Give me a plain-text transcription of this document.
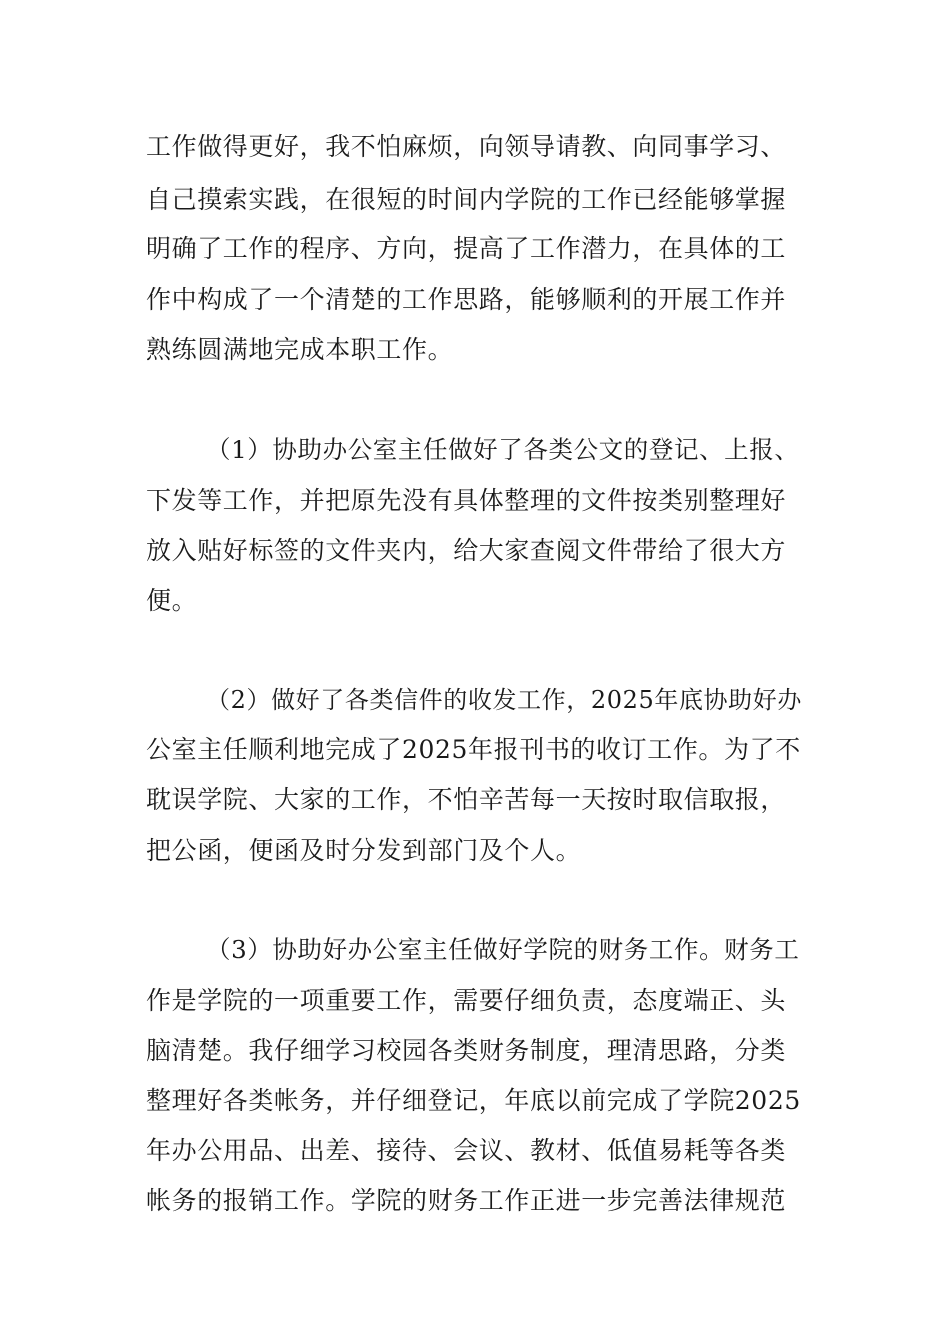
工作做得更好，我不怕麻烦，向领导请教、向同事学习、
自己摸索实践，在很短的时间内学院的工作已经能够掌握
明确了工作的程序、方向，提高了工作潜力，在具体的工
作中构成了一个清楚的工作思路，能够顺利的开展工作并
熟练圆满地完成本职工作。
（1）协助办公室主任做好了各类公文的登记、上报、
下发等工作，并把原先没有具体整理的文件按类别整理好
放入贴好标签的文件夹内，给大家查阅文件带给了很大方
便。
（2）做好了各类信件的收发工作，2025年底协助好办
公室主任顺利地完成了2025年报刊书的收订工作。为了不
耽误学院、大家的工作，不怕辛苦每一天按时取信取报，
把公函，便函及时分发到部门及个人。
（3）协助好办公室主任做好学院的财务工作。财务工
作是学院的一项重要工作，需要仔细负责，态度端正、头
脑清楚。我仔细学习校园各类财务制度，理清思路，分类
整理好各类帐务，并仔细登记，年底以前完成了学院2025
年办公用品、出差、接待、会议、教材、低值易耗等各类
帐务的报销工作。学院的财务工作正进一步完善法律规范
